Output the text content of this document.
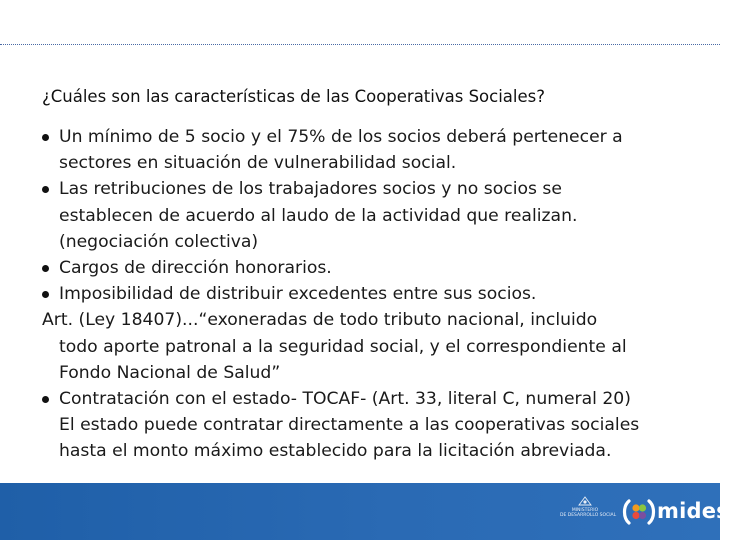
¿Cuáles son las características de las Cooperativas Sociales?
Un mínimo de 5 socio y el 75% de los socios deberá pertenecer a
sectores en situación de vulnerabilidad social.
Las retribuciones de los trabajadores socios y no socios se
establecen de acuerdo al laudo de la actividad que realizan.
(negociación colectiva)
Cargos de dirección honorarios.
Imposibilidad de distribuir excedentes entre sus socios.
Art. (Ley 18407)...“exoneradas de todo tributo nacional, incluido
todo aporte patronal a la seguridad social, y el correspondiente al
Fondo Nacional de Salud”
Contratación con el estado- TOCAF- (Art. 33, literal C, numeral 20)
El estado puede contratar directamente a las cooperativas sociales
hasta el monto máximo establecido para la licitación abreviada.
MINISTERIO
DE DESARROLLO SOCIAL mides
